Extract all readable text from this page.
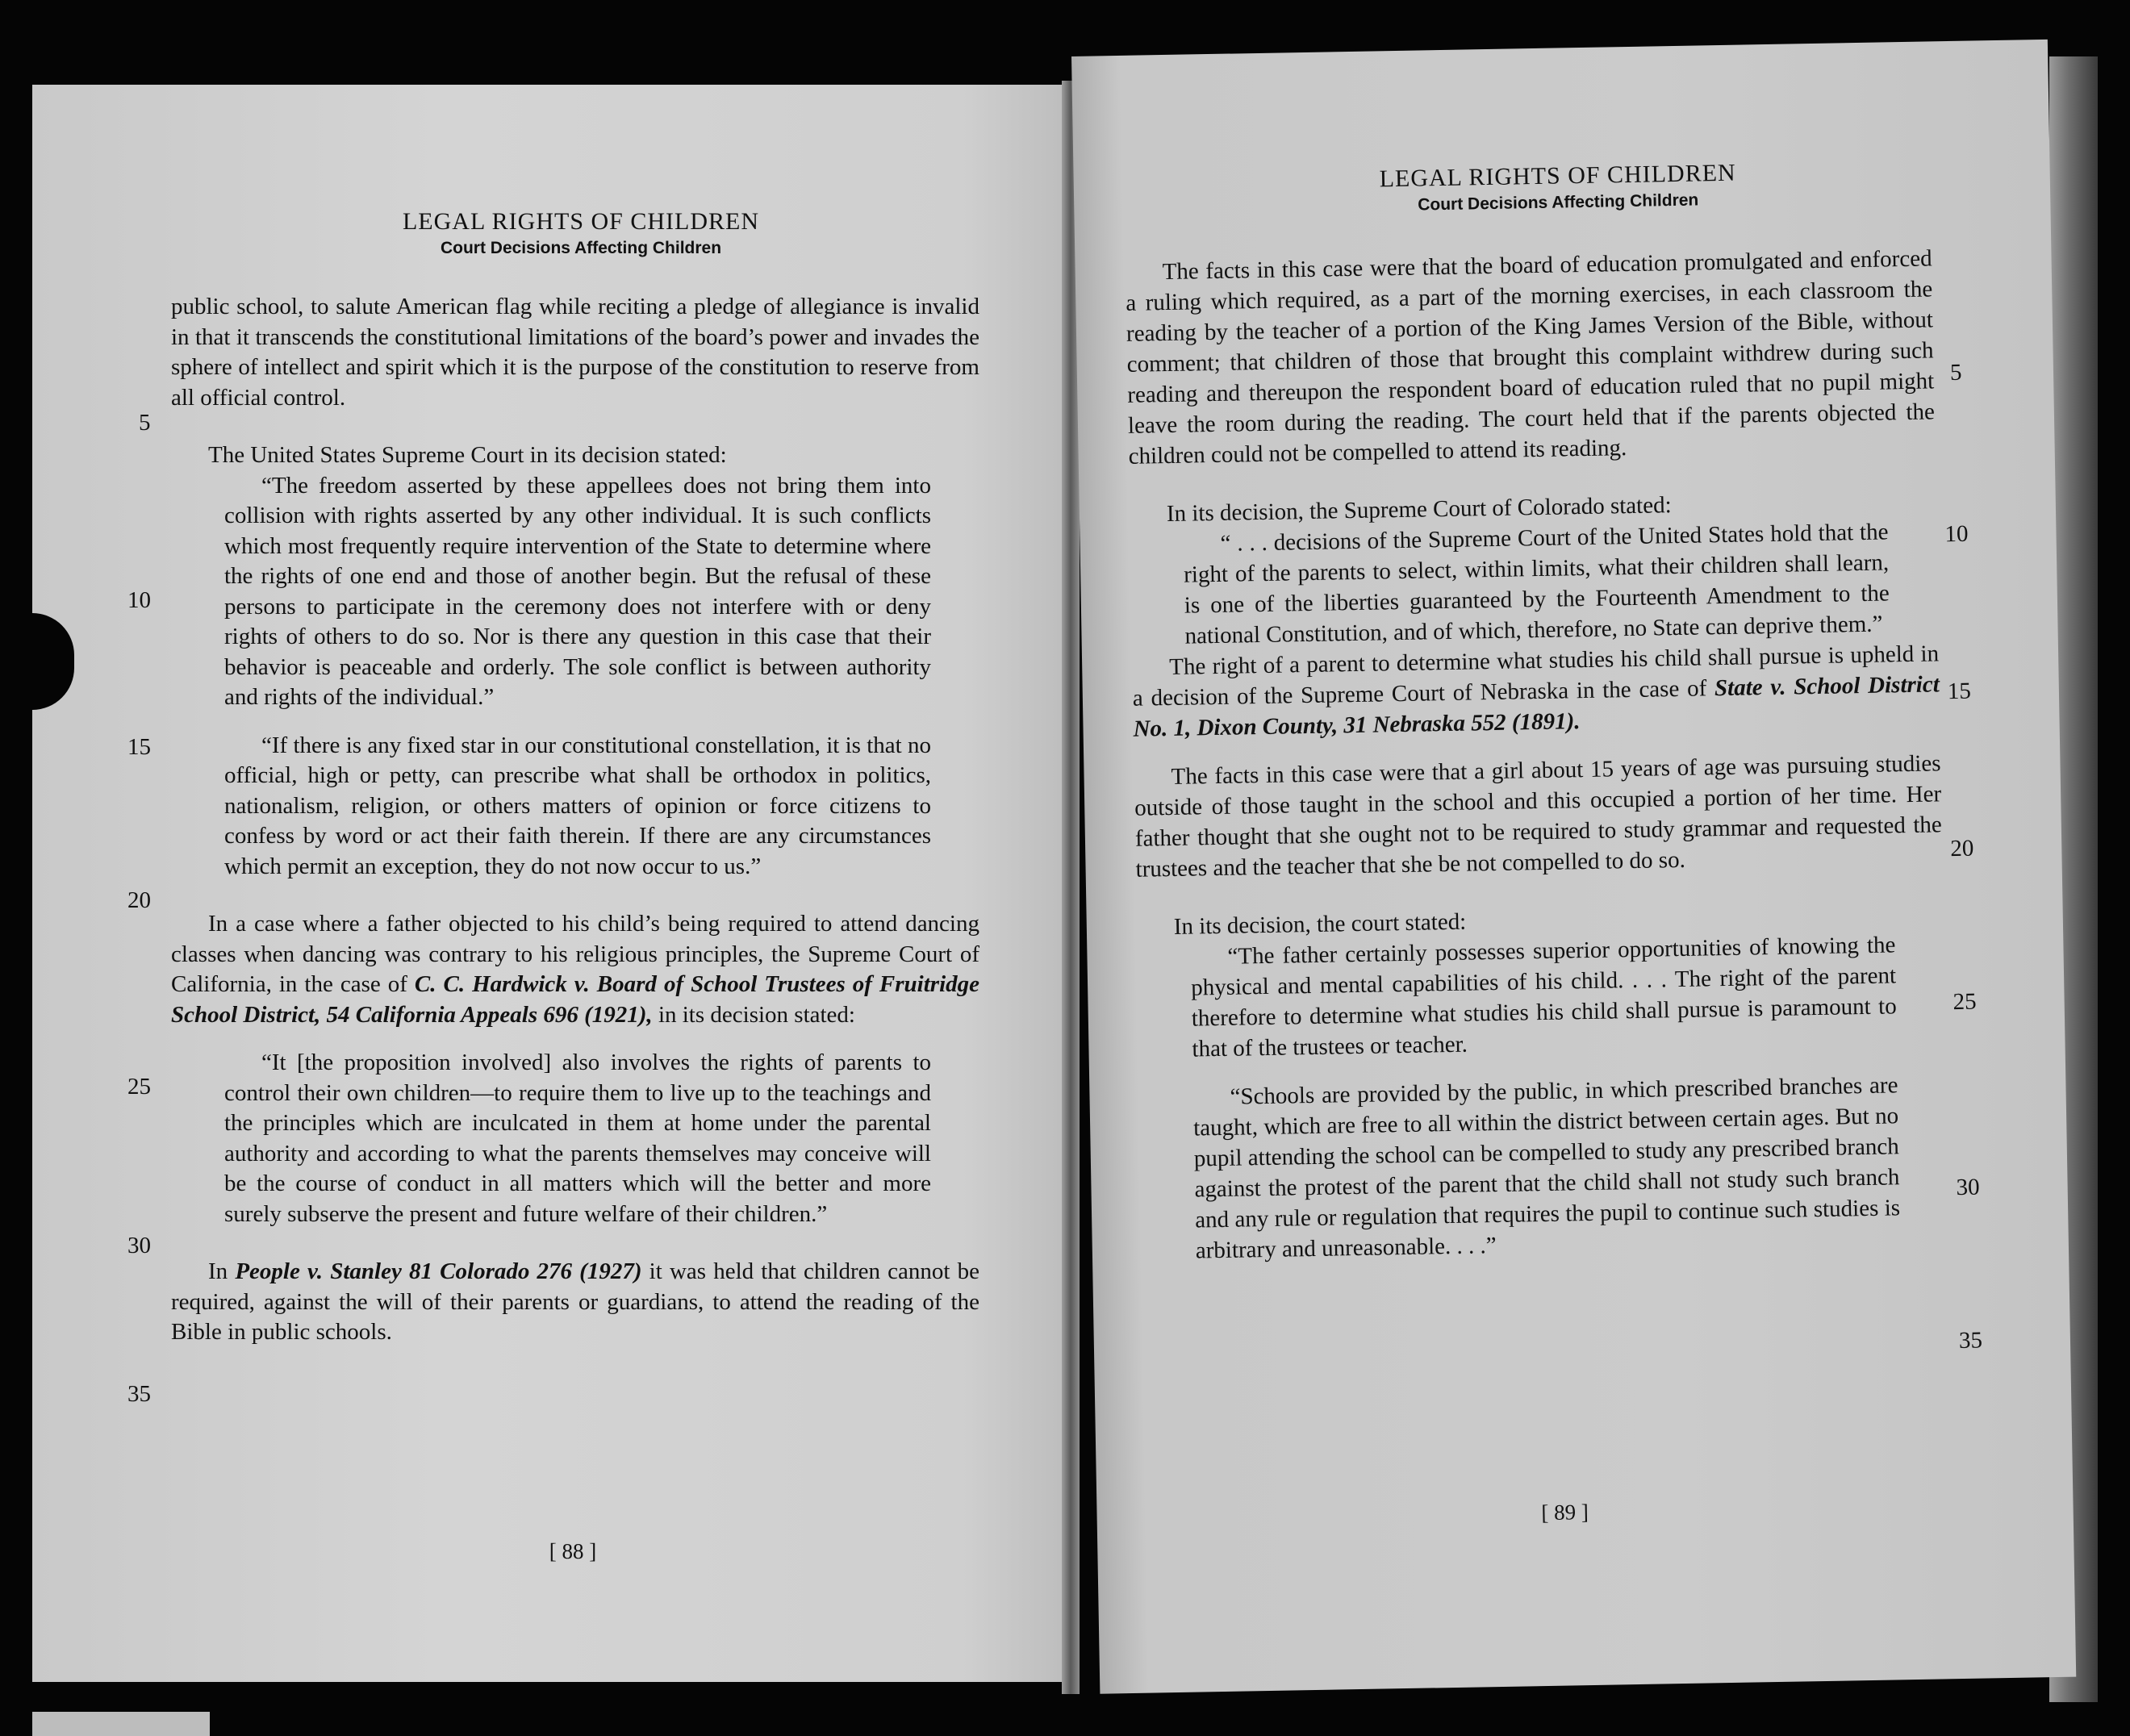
LEGAL RIGHTS OF CHILDREN
Court Decisions Affecting Children

public school, to salute American flag while reciting a pledge of allegiance is invalid in that it transcends the constitutional limitations of the board’s power and invades the sphere of intellect and spirit which it is the purpose of the constitution to reserve from all official control.

The United States Supreme Court in its decision stated:

“The freedom asserted by these appellees does not bring them into collision with rights asserted by any other individual. It is such conflicts which most frequently require intervention of the State to determine where the rights of one end and those of another begin. But the refusal of these persons to participate in the ceremony does not interfere with or deny rights of others to do so. Nor is there any question in this case that their behavior is peaceable and orderly. The sole conflict is between authority and rights of the individual.”

“If there is any fixed star in our constitutional constellation, it is that no official, high or petty, can prescribe what shall be orthodox in politics, nationalism, religion, or others matters of opinion or force citizens to confess by word or act their faith therein. If there are any circumstances which permit an exception, they do not now occur to us.”

In a case where a father objected to his child’s being required to attend dancing classes when dancing was contrary to his religious principles, the Supreme Court of California, in the case of C. C. Hardwick v. Board of School Trustees of Fruitridge School District, 54 California Appeals 696 (1921), in its decision stated:

“It [the proposition involved] also involves the rights of parents to control their own children—to require them to live up to the teachings and the principles which are inculcated in them at home under the parental authority and according to what the parents themselves may conceive will be the course of conduct in all matters which will the better and more surely subserve the present and future welfare of their children.”

In People v. Stanley 81 Colorado 276 (1927) it was held that children cannot be required, against the will of their parents or guardians, to attend the reading of the Bible in public schools.

5
10
15
20
25
30
35
[ 88 ]
LEGAL RIGHTS OF CHILDREN
Court Decisions Affecting Children

The facts in this case were that the board of education promulgated and enforced a ruling which required, as a part of the morning exercises, in each classroom the reading by the teacher of a portion of the King James Version of the Bible, without comment; that children of those that brought this complaint withdrew during such reading and thereupon the respondent board of education ruled that no pupil might leave the room during the reading. The court held that if the parents objected the children could not be compelled to attend its reading.

In its decision, the Supreme Court of Colorado stated:

“ . . . decisions of the Supreme Court of the United States hold that the right of the parents to select, within limits, what their children shall learn, is one of the liberties guaranteed by the Fourteenth Amendment to the national Constitution, and of which, therefore, no State can deprive them.”

The right of a parent to determine what studies his child shall pursue is upheld in a decision of the Supreme Court of Nebraska in the case of State v. School District No. 1, Dixon County, 31 Nebraska 552 (1891).

The facts in this case were that a girl about 15 years of age was pursuing studies outside of those taught in the school and this occupied a portion of her time. Her father thought that she ought not to be required to study grammar and requested the trustees and the teacher that she be not compelled to do so.

In its decision, the court stated:

“The father certainly possesses superior opportunities of knowing the physical and mental capabilities of his child. . . . The right of the parent therefore to determine what studies his child shall pursue is paramount to that of the trustees or teacher.

“Schools are provided by the public, in which prescribed branches are taught, which are free to all within the district between certain ages. But no pupil attending the school can be compelled to study any prescribed branch against the protest of the parent that the child shall not study such branch and any rule or regulation that requires the pupil to continue such studies is arbitrary and unreasonable. . . .”

5
10
15
20
25
30
35
[ 89 ]
